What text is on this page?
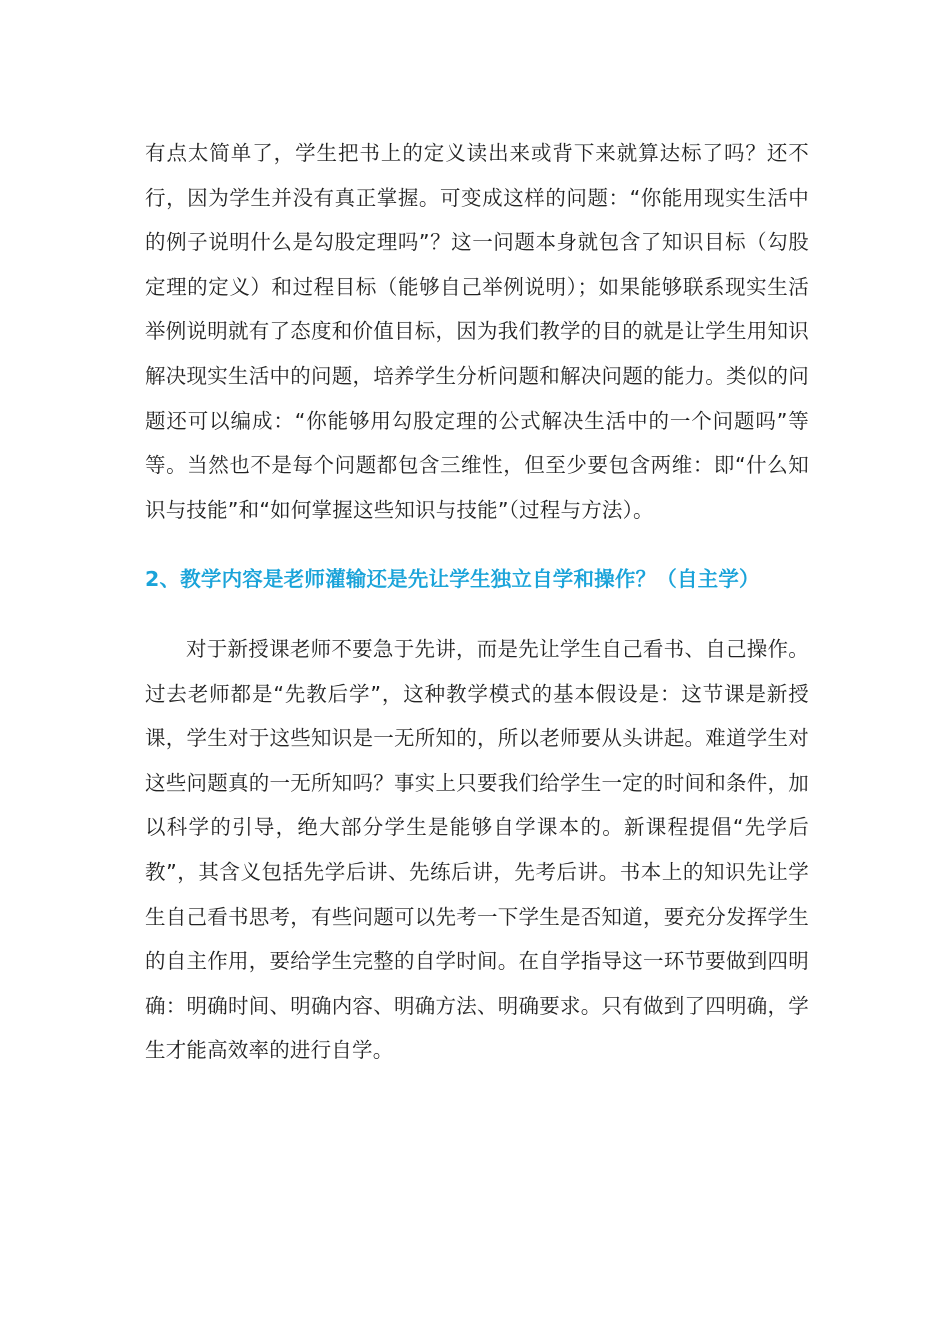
有点太简单了，学生把书上的定义读出来或背下来就算达标了吗？还不行，因为学生并没有真正掌握。可变成这样的问题：“你能用现实生活中的例子说明什么是勾股定理吗”？这一问题本身就包含了知识目标（勾股定理的定义）和过程目标（能够自己举例说明）；如果能够联系现实生活举例说明就有了态度和价值目标，因为我们教学的目的就是让学生用知识解决现实生活中的问题，培养学生分析问题和解决问题的能力。类似的问题还可以编成：“你能够用勾股定理的公式解决生活中的一个问题吗”等等。当然也不是每个问题都包含三维性，但至少要包含两维：即“什么知识与技能”和“如何掌握这些知识与技能”（过程与方法）。

2、教学内容是老师灌输还是先让学生独立自学和操作？（自主学）

对于新授课老师不要急于先讲，而是先让学生自己看书、自己操作。过去老师都是“先教后学”，这种教学模式的基本假设是：这节课是新授课，学生对于这些知识是一无所知的，所以老师要从头讲起。难道学生对这些问题真的一无所知吗？事实上只要我们给学生一定的时间和条件，加以科学的引导，绝大部分学生是能够自学课本的。新课程提倡“先学后教”，其含义包括先学后讲、先练后讲，先考后讲。书本上的知识先让学生自己看书思考，有些问题可以先考一下学生是否知道，要充分发挥学生的自主作用，要给学生完整的自学时间。在自学指导这一环节要做到四明确：明确时间、明确内容、明确方法、明确要求。只有做到了四明确，学生才能高效率的进行自学。
